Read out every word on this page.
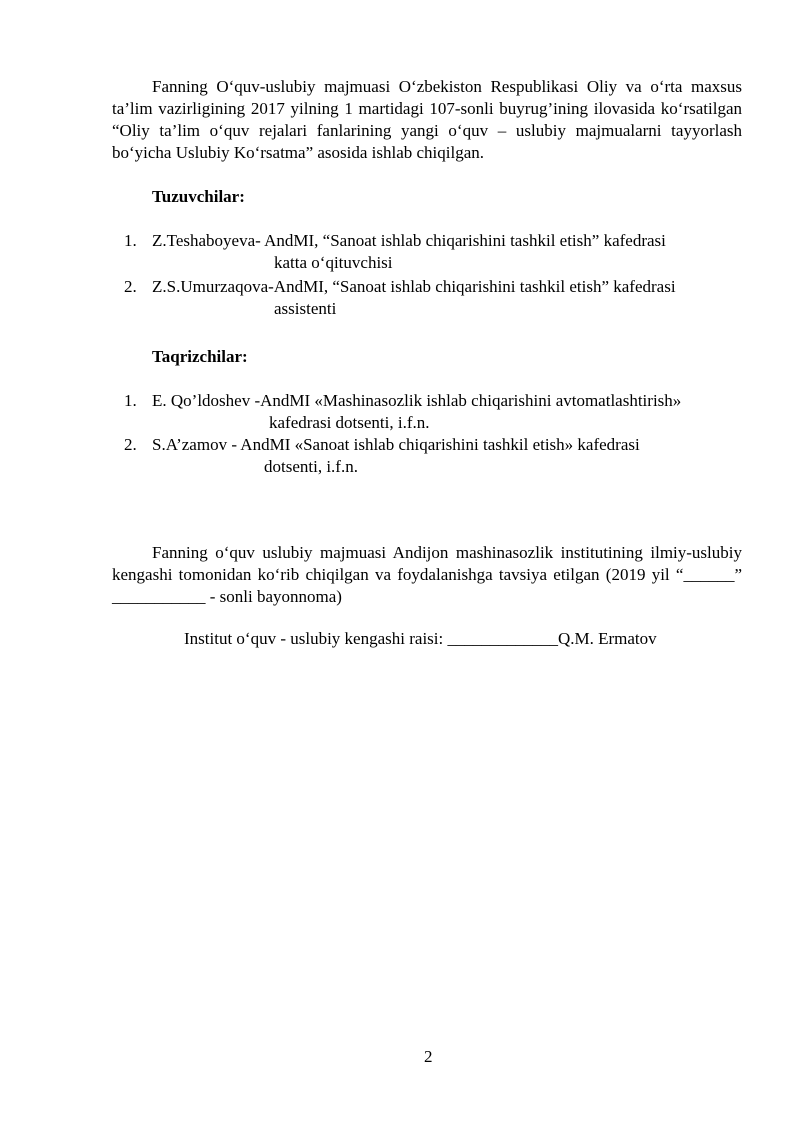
Fanning O‘quv-uslubiy majmuasi O‘zbekiston Respublikasi Oliy va o‘rta maxsus ta’lim vazirligining 2017 yilning 1 martidagi 107-sonli buyrug’ining ilovasida ko‘rsatilgan “Oliy ta’lim o‘quv rejalari fanlarining yangi o‘quv – uslubiy majmualarni tayyorlash bo‘yicha Uslubiy Ko‘rsatma” asosida ishlab chiqilgan.

Tuzuvchilar:
1. Z.Teshaboyeva- AndMI, “Sanoat ishlab chiqarishini tashkil etish” kafedrasi
katta o‘qituvchisi
2. Z.S.Umurzaqova-AndMI, “Sanoat ishlab chiqarishini tashkil etish” kafedrasi
assistenti
Taqrizchilar:
1. E. Qo’ldoshev -AndMI «Mashinasozlik ishlab chiqarishini avtomatlashtirish»
kafedrasi dotsenti, i.f.n.
2. S.A’zamov - AndMI «Sanoat ishlab chiqarishini tashkil etish» kafedrasi
dotsenti, i.f.n.

Fanning o‘quv uslubiy majmuasi Andijon mashinasozlik institutining ilmiy-uslubiy kengashi tomonidan ko‘rib chiqilgan va foydalanishga tavsiya etilgan (2019 yil “______” ___________ - sonli bayonnoma)

Institut o‘quv - uslubiy kengashi raisi: _____________Q.M. Ermatov
2
